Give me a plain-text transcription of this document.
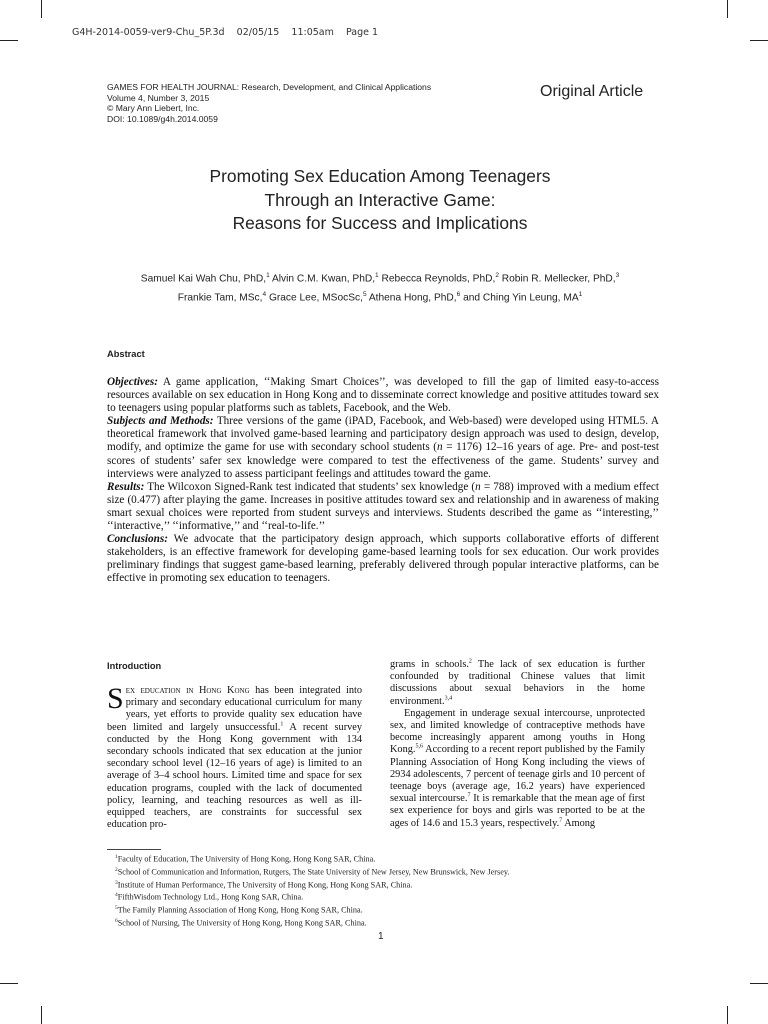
G4H-2014-0059-ver9-Chu_5P.3d    02/05/15    11:05am    Page 1
GAMES FOR HEALTH JOURNAL: Research, Development, and Clinical Applications
Volume 4, Number 3, 2015
© Mary Ann Liebert, Inc.
DOI: 10.1089/g4h.2014.0059
Original Article
Promoting Sex Education Among Teenagers
Through an Interactive Game:
Reasons for Success and Implications
Samuel Kai Wah Chu, PhD,$^1$ Alvin C.M. Kwan, PhD,$^1$ Rebecca Reynolds, PhD,$^2$ Robin R. Mellecker, PhD,$^3$
Frankie Tam, MSc,$^4$ Grace Lee, MSocSc,$^5$ Athena Hong, PhD,$^6$ and Ching Yin Leung, $MA^1$
Abstract

Objectives: A game application, ‘‘Making Smart Choices’’, was developed to fill the gap of limited easy-to-access resources available on sex education in Hong Kong and to disseminate correct knowledge and positive attitudes toward sex to teenagers using popular platforms such as tablets, Facebook, and the Web.

Subjects and Methods: Three versions of the game (iPAD, Facebook, and Web-based) were developed using HTML5. A theoretical framework that involved game-based learning and participatory design approach was used to design, develop, modify, and optimize the game for use with secondary school students (n = 1176) 12–16 years of age. Pre- and post-test scores of students’ safer sex knowledge were compared to test the effectiveness of the game. Students’ survey and interviews were analyzed to assess participant feelings and attitudes toward the game.

Results: The Wilcoxon Signed-Rank test indicated that students’ sex knowledge (n = 788) improved with a medium effect size (0.477) after playing the game. Increases in positive attitudes toward sex and relationship and in awareness of making smart sexual choices were reported from student surveys and interviews. Students described the game as ‘‘interesting,’’ ‘‘interactive,’’ ‘‘informative,’’ and ‘‘real-to-life.’’

Conclusions: We advocate that the participatory design approach, which supports collaborative efforts of different stakeholders, is an effective framework for developing game-based learning tools for sex education. Our work provides preliminary findings that suggest game-based learning, preferably delivered through popular interactive platforms, can be effective in promoting sex education to teenagers.

Introduction

Sex education in Hong Kong has been integrated into primary and secondary educational curriculum for many years, yet efforts to provide quality sex education have been limited and largely unsuccessful.$^1$ A recent survey conducted by the Hong Kong government with 134 secondary schools indicated that sex education at the junior secondary school level (12–16 years of age) is limited to an average of 3–4 school hours. Limited time and space for sex education programs, coupled with the lack of documented policy, learning, and teaching resources as well as ill-equipped teachers, are constraints for successful sex education pro-

grams in schools.$^2$ The lack of sex education is further confounded by traditional Chinese values that limit discussions about sexual behaviors in the home environment.$^{3,4}$

Engagement in underage sexual intercourse, unprotected sex, and limited knowledge of contraceptive methods have become increasingly apparent among youths in Hong Kong.$^{5,6}$ According to a recent report published by the Family Planning Association of Hong Kong including the views of 2934 adolescents, 7 percent of teenage girls and 10 percent of teenage boys (average age, 16.2 years) have experienced sexual intercourse.$^7$ It is remarkable that the mean age of first sex experience for boys and girls was reported to be at the ages of 14.6 and 15.3 years, respectively.$^7$ Among

$^1$Faculty of Education, The University of Hong Kong, Hong Kong SAR, China.
$^2$School of Communication and Information, Rutgers, The State University of New Jersey, New Brunswick, New Jersey.
$^3$Institute of Human Performance, The University of Hong Kong, Hong Kong SAR, China.
$^4$FifthWisdom Technology Ltd., Hong Kong SAR, China.
$^5$The Family Planning Association of Hong Kong, Hong Kong SAR, China.
$^6$School of Nursing, The University of Hong Kong, Hong Kong SAR, China.
1
